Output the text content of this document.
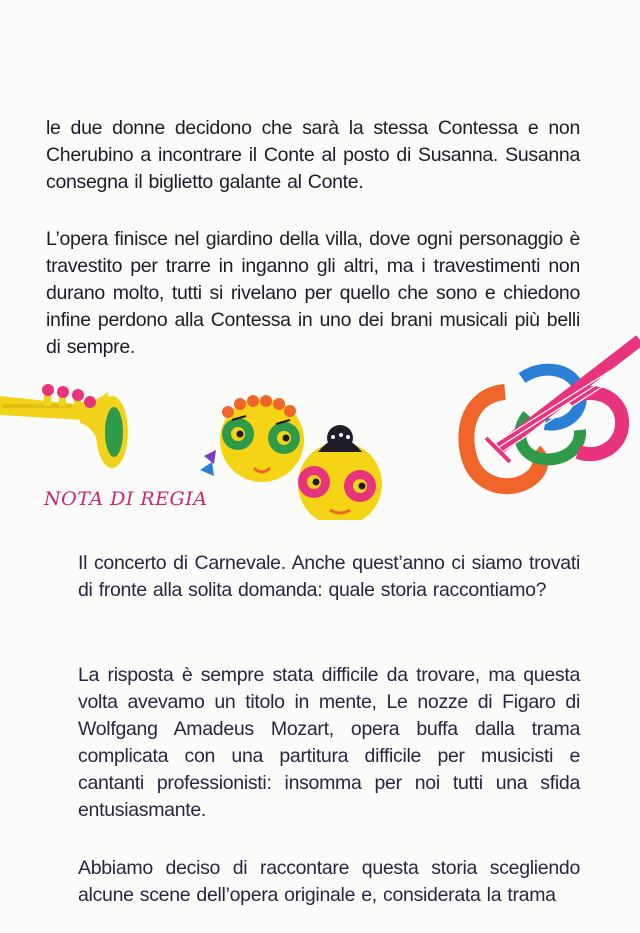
le due donne decidono che sarà la stessa Contessa e non Cherubino a incontrare il Conte al posto di Susanna. Susanna consegna il biglietto galante al Conte.

L’opera finisce nel giardino della villa, dove ogni personaggio è travestito per trarre in inganno gli altri, ma i travestimenti non durano molto, tutti si rivelano per quello che sono e chiedono infine perdono alla Contessa in uno dei brani musicali più belli di sempre.

NOTA DI REGIA

Il concerto di Carnevale. Anche quest’anno ci siamo trovati di fronte alla solita domanda: quale storia raccontiamo?

La risposta è sempre stata difficile da trovare, ma questa volta avevamo un titolo in mente, Le nozze di Figaro di Wolfgang Amadeus Mozart, opera buffa dalla trama complicata con una partitura difficile per musicisti e cantanti professionisti: insomma per noi tutti una sfida entusiasmante.

Abbiamo deciso di raccontare questa storia scegliendo alcune scene dell’opera originale e, considerata la trama
